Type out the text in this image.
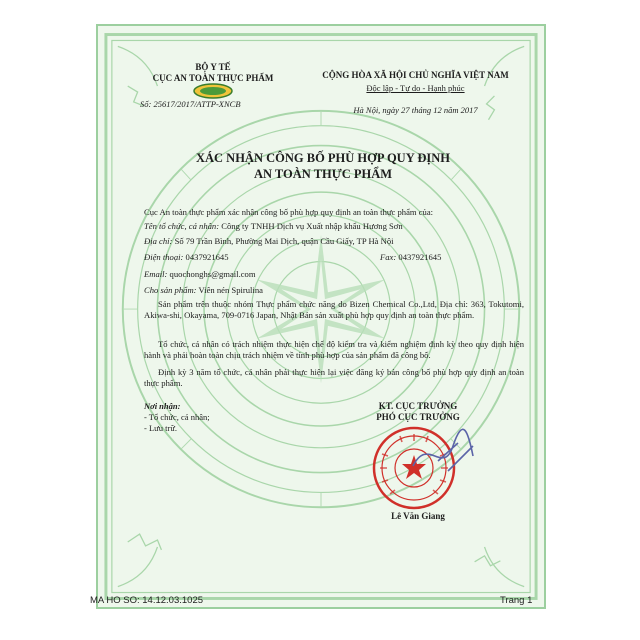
BỘ Y TẾ
CỤC AN TOÀN THỰC PHẨM
Số: 25617/2017/ATTP-XNCB
CỘNG HÒA XÃ HỘI CHỦ NGHĨA VIỆT NAM
Độc lập - Tự do - Hạnh phúc
Hà Nội, ngày 27 tháng 12 năm 2017
XÁC NHẬN CÔNG BỐ PHÙ HỢP QUY ĐỊNH
AN TOÀN THỰC PHẨM
Cục An toàn thực phẩm xác nhận công bố phù hợp quy định an toàn thực phẩm của:
Tên tổ chức, cá nhân: Công ty TNHH Dịch vụ Xuất nhập khẩu Hương Sơn
Địa chỉ: Số 79 Trần Bình, Phường Mai Dịch, quận Cầu Giấy, TP Hà Nội
Điện thoại: 0437921645	Fax: 0437921645
Email: quochonghs@gmail.com
Cho sản phẩm: Viên nén Spirulina
Sản phẩm trên thuộc nhóm Thực phẩm chức năng do Bizen Chemical Co.,Ltd, Địa chỉ: 363, Tokutomi, Akiwa-shi, Okayama, 709-0716 Japan, Nhật Bản sản xuất phù hợp quy định an toàn thực phẩm.
Tổ chức, cá nhân có trách nhiệm thực hiện chế độ kiểm tra và kiểm nghiệm định kỳ theo quy định hiện hành và phải hoàn toàn chịu trách nhiệm về tính phù hợp của sản phẩm đã công bố.
Định kỳ 3 năm tổ chức, cá nhân phải thực hiện lại việc đăng ký bản công bố phù hợp quy định an toàn thực phẩm.
Nơi nhận:
- Tổ chức, cá nhân;
- Lưu trữ.
KT. CỤC TRƯỞNG
PHÓ CỤC TRƯỞNG
Lê Văn Giang
MA HO SO: 14.12.03.1025	Trang 1
